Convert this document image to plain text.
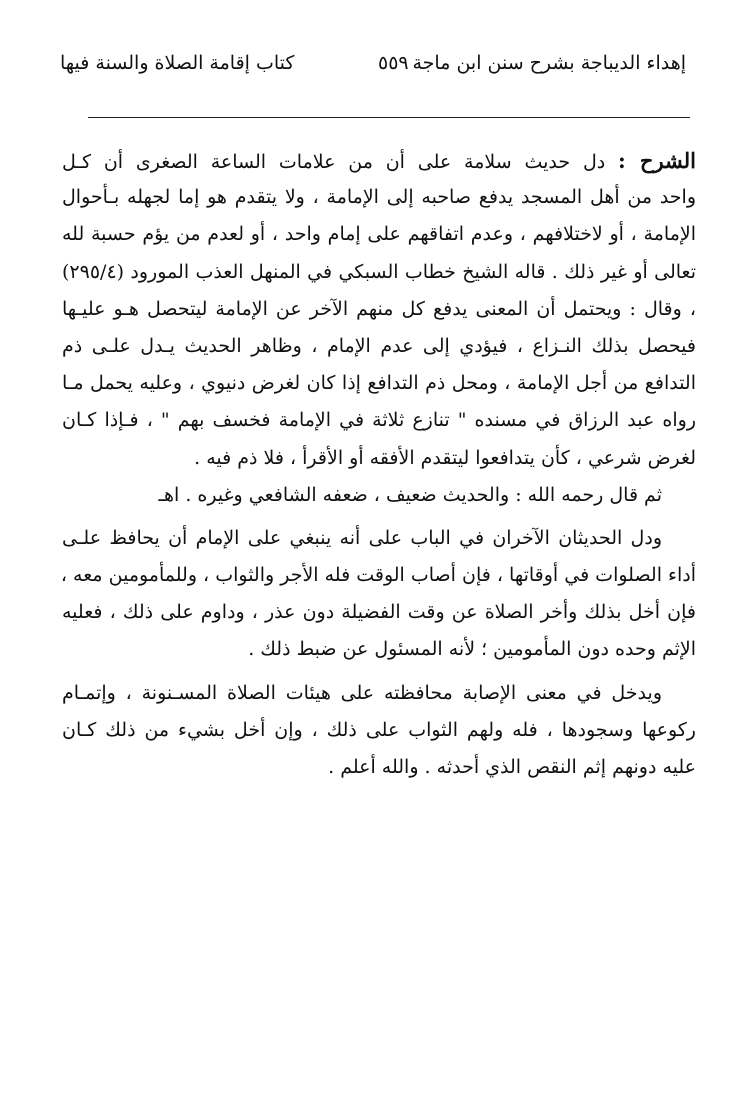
إهداء الديباجة بشرح سنن ابن ماجة
٥٥٩
كتاب إقامة الصلاة والسنة فيها
الشرح : دل حديث سلامة على أن من علامات الساعة الصغرى أن كـل
واحد من أهل المسجد يدفع صاحبه إلى الإمامة ، ولا يتقدم هو إما لجهله بـأحوال
الإمامة ، أو لاختلافهم ، وعدم اتفاقهم على إمام واحد ، أو لعدم من يؤم حسبة لله
تعالى أو غير ذلك . قاله الشيخ خطاب السبكي في المنهل العذب المورود (٢٩٥/٤)
، وقال : ويحتمل أن المعنى يدفع كل منهم الآخر عن الإمامة ليتحصل هـو عليـها
فيحصل بذلك النـزاع ، فيؤدي إلى عدم الإمام ، وظاهر الحديث يـدل علـى ذم
التدافع من أجل الإمامة ، ومحل ذم التدافع إذا كان لغرض دنيوي ، وعليه يحمل مـا
رواه عبد الرزاق في مسنده " تنازع ثلاثة في الإمامة فخسف بهم " ، فـإذا كـان
لغرض شرعي ، كأن يتدافعوا ليتقدم الأفقه أو الأقرأ ، فلا ذم فيه .
ثم قال رحمه الله : والحديث ضعيف ، ضعفه الشافعي وغيره . اهـ
ودل الحديثان الآخران في الباب على أنه ينبغي على الإمام أن يحافظ علـى
أداء الصلوات في أوقاتها ، فإن أصاب الوقت فله الأجر والثواب ، وللمأمومين معه ،
فإن أخل بذلك وأخر الصلاة عن وقت الفضيلة دون عذر ، وداوم على ذلك ، فعليه
الإثم وحده دون المأمومين ؛ لأنه المسئول عن ضبط ذلك .
ويدخل في معنى الإصابة محافظته على هيئات الصلاة المسـنونة ، وإتمـام
ركوعها وسجودها ، فله ولهم الثواب على ذلك ، وإن أخل بشيء من ذلك كـان
عليه دونهم إثم النقص الذي أحدثه . والله أعلم .
